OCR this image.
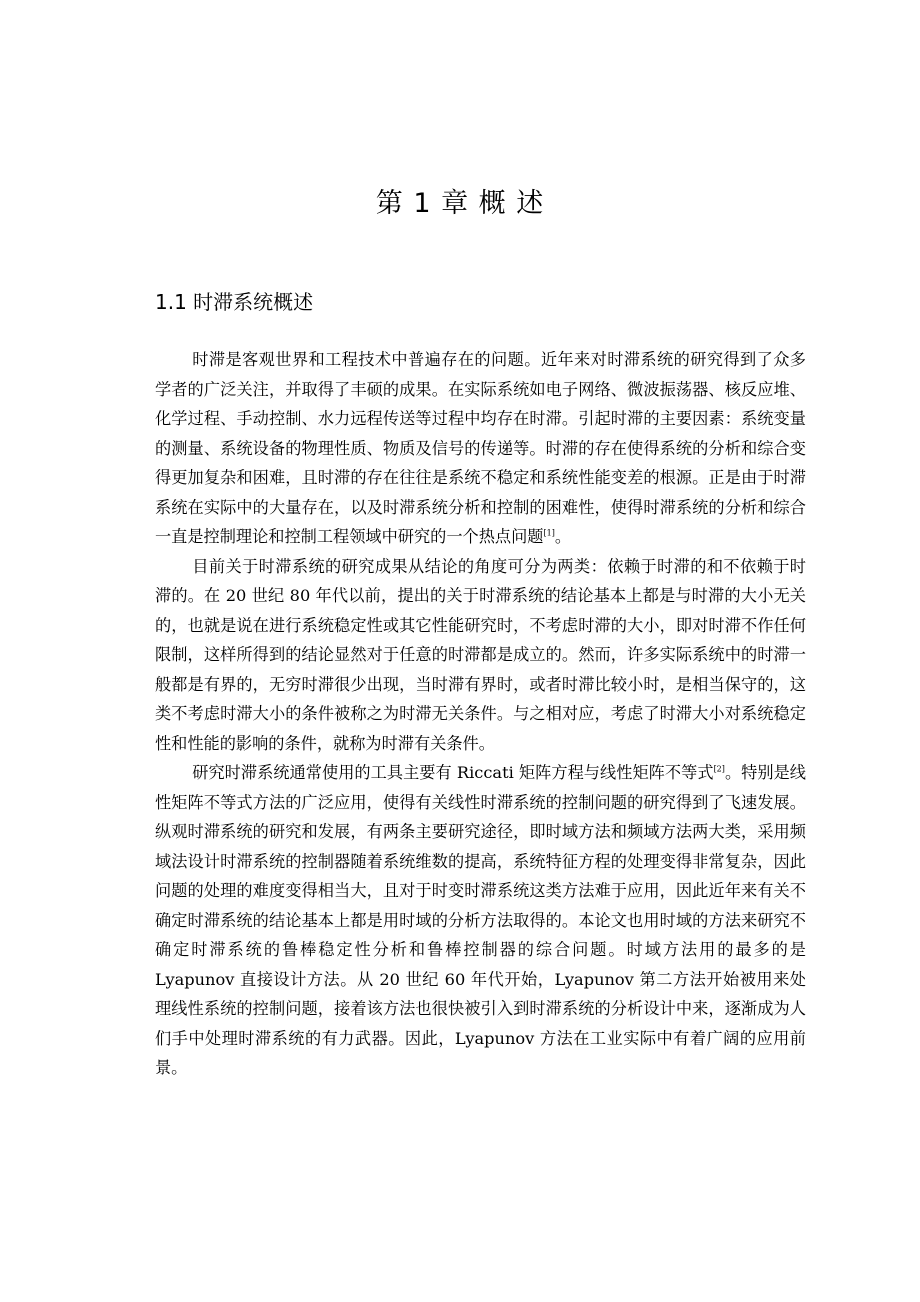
第 1 章 概 述
1.1 时滞系统概述

时滞是客观世界和工程技术中普遍存在的问题。近年来对时滞系统的研究得到了众多学者的广泛关注，并取得了丰硕的成果。在实际系统如电子网络、微波振荡器、核反应堆、化学过程、手动控制、水力远程传送等过程中均存在时滞。引起时滞的主要因素：系统变量的测量、系统设备的物理性质、物质及信号的传递等。时滞的存在使得系统的分析和综合变得更加复杂和困难，且时滞的存在往往是系统不稳定和系统性能变差的根源。正是由于时滞系统在实际中的大量存在，以及时滞系统分析和控制的困难性，使得时滞系统的分析和综合一直是控制理论和控制工程领域中研究的一个热点问题[1]。

目前关于时滞系统的研究成果从结论的角度可分为两类：依赖于时滞的和不依赖于时滞的。在 20 世纪 80 年代以前，提出的关于时滞系统的结论基本上都是与时滞的大小无关的，也就是说在进行系统稳定性或其它性能研究时，不考虑时滞的大小，即对时滞不作任何限制，这样所得到的结论显然对于任意的时滞都是成立的。然而，许多实际系统中的时滞一般都是有界的，无穷时滞很少出现，当时滞有界时，或者时滞比较小时，是相当保守的，这类不考虑时滞大小的条件被称之为时滞无关条件。与之相对应，考虑了时滞大小对系统稳定性和性能的影响的条件，就称为时滞有关条件。

研究时滞系统通常使用的工具主要有 Riccati 矩阵方程与线性矩阵不等式[2]。特别是线性矩阵不等式方法的广泛应用，使得有关线性时滞系统的控制问题的研究得到了飞速发展。纵观时滞系统的研究和发展，有两条主要研究途径，即时域方法和频域方法两大类，采用频域法设计时滞系统的控制器随着系统维数的提高，系统特征方程的处理变得非常复杂，因此问题的处理的难度变得相当大，且对于时变时滞系统这类方法难于应用，因此近年来有关不确定时滞系统的结论基本上都是用时域的分析方法取得的。本论文也用时域的方法来研究不确定时滞系统的鲁棒稳定性分析和鲁棒控制器的综合问题。时域方法用的最多的是 Lyapunov 直接设计方法。从 20 世纪 60 年代开始，Lyapunov 第二方法开始被用来处理线性系统的控制问题，接着该方法也很快被引入到时滞系统的分析设计中来，逐渐成为人们手中处理时滞系统的有力武器。因此，Lyapunov 方法在工业实际中有着广阔的应用前景。
